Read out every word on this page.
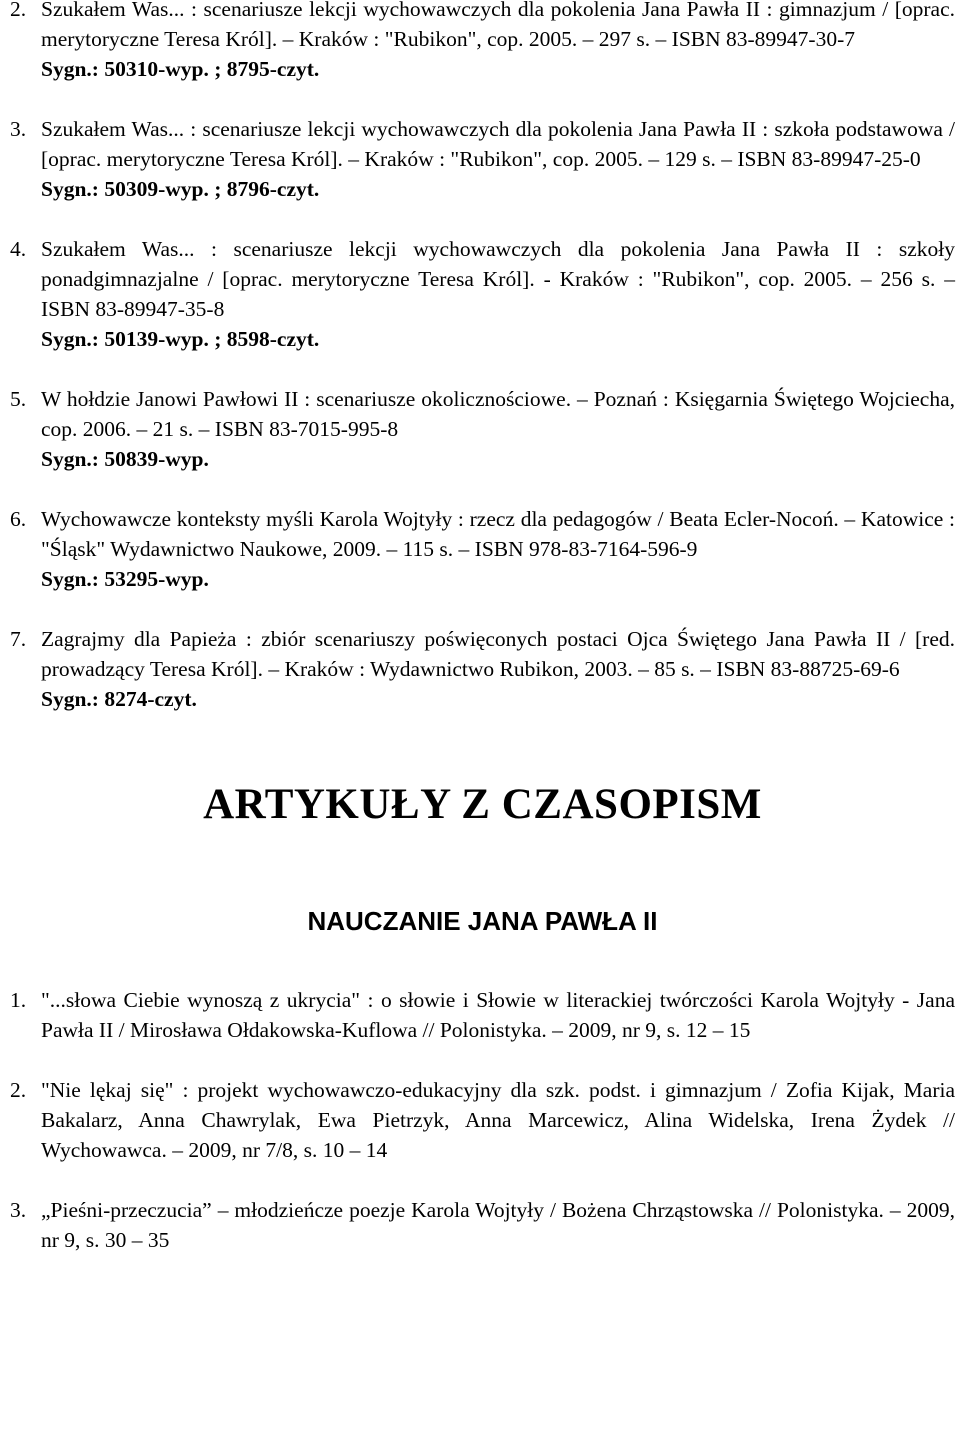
2. Szukałem Was... : scenariusze lekcji wychowawczych dla pokolenia Jana Pawła II : gimnazjum / [oprac. merytoryczne Teresa Król]. – Kraków : "Rubikon", cop. 2005. – 297 s. – ISBN 83-89947-30-7
Sygn.: 50310-wyp. ; 8795-czyt.
3. Szukałem Was... : scenariusze lekcji wychowawczych dla pokolenia Jana Pawła II : szkoła podstawowa / [oprac. merytoryczne Teresa Król]. – Kraków : "Rubikon", cop. 2005. – 129 s. – ISBN 83-89947-25-0
Sygn.: 50309-wyp. ; 8796-czyt.
4. Szukałem Was... : scenariusze lekcji wychowawczych dla pokolenia Jana Pawła II : szkoły ponadgimnazjalne / [oprac. merytoryczne Teresa Król]. - Kraków : "Rubikon", cop. 2005. – 256 s. – ISBN 83-89947-35-8
Sygn.: 50139-wyp. ; 8598-czyt.
5. W hołdzie Janowi Pawłowi II : scenariusze okolicznościowe. – Poznań : Księgarnia Świętego Wojciecha, cop. 2006. – 21 s. – ISBN 83-7015-995-8
Sygn.: 50839-wyp.
6. Wychowawcze konteksty myśli Karola Wojtyły : rzecz dla pedagogów / Beata Ecler-Nocoń. – Katowice : "Śląsk" Wydawnictwo Naukowe, 2009. – 115 s. – ISBN 978-83-7164-596-9
Sygn.: 53295-wyp.
7. Zagrajmy dla Papieża : zbiór scenariuszy poświęconych postaci Ojca Świętego Jana Pawła II / [red. prowadzący Teresa Król]. – Kraków : Wydawnictwo Rubikon, 2003. – 85 s. – ISBN 83-88725-69-6
Sygn.: 8274-czyt.
ARTYKUŁY Z CZASOPISM
NAUCZANIE JANA PAWŁA II
1. "...słowa Ciebie wynoszą z ukrycia" : o słowie i Słowie w literackiej twórczości Karola Wojtyły - Jana Pawła II / Mirosława Ołdakowska-Kuflowa // Polonistyka. – 2009, nr 9, s. 12 – 15
2. "Nie lękaj się" : projekt wychowawczo-edukacyjny dla szk. podst. i gimnazjum / Zofia Kijak, Maria Bakalarz, Anna Chawrylak, Ewa Pietrzyk, Anna Marcewicz, Alina Widelska, Irena Żydek // Wychowawca. – 2009, nr 7/8, s. 10 – 14
3. „Pieśni-przeczucia” – młodzieńcze poezje Karola Wojtyły / Bożena Chrząstowska // Polonistyka. – 2009, nr 9, s. 30 – 35
